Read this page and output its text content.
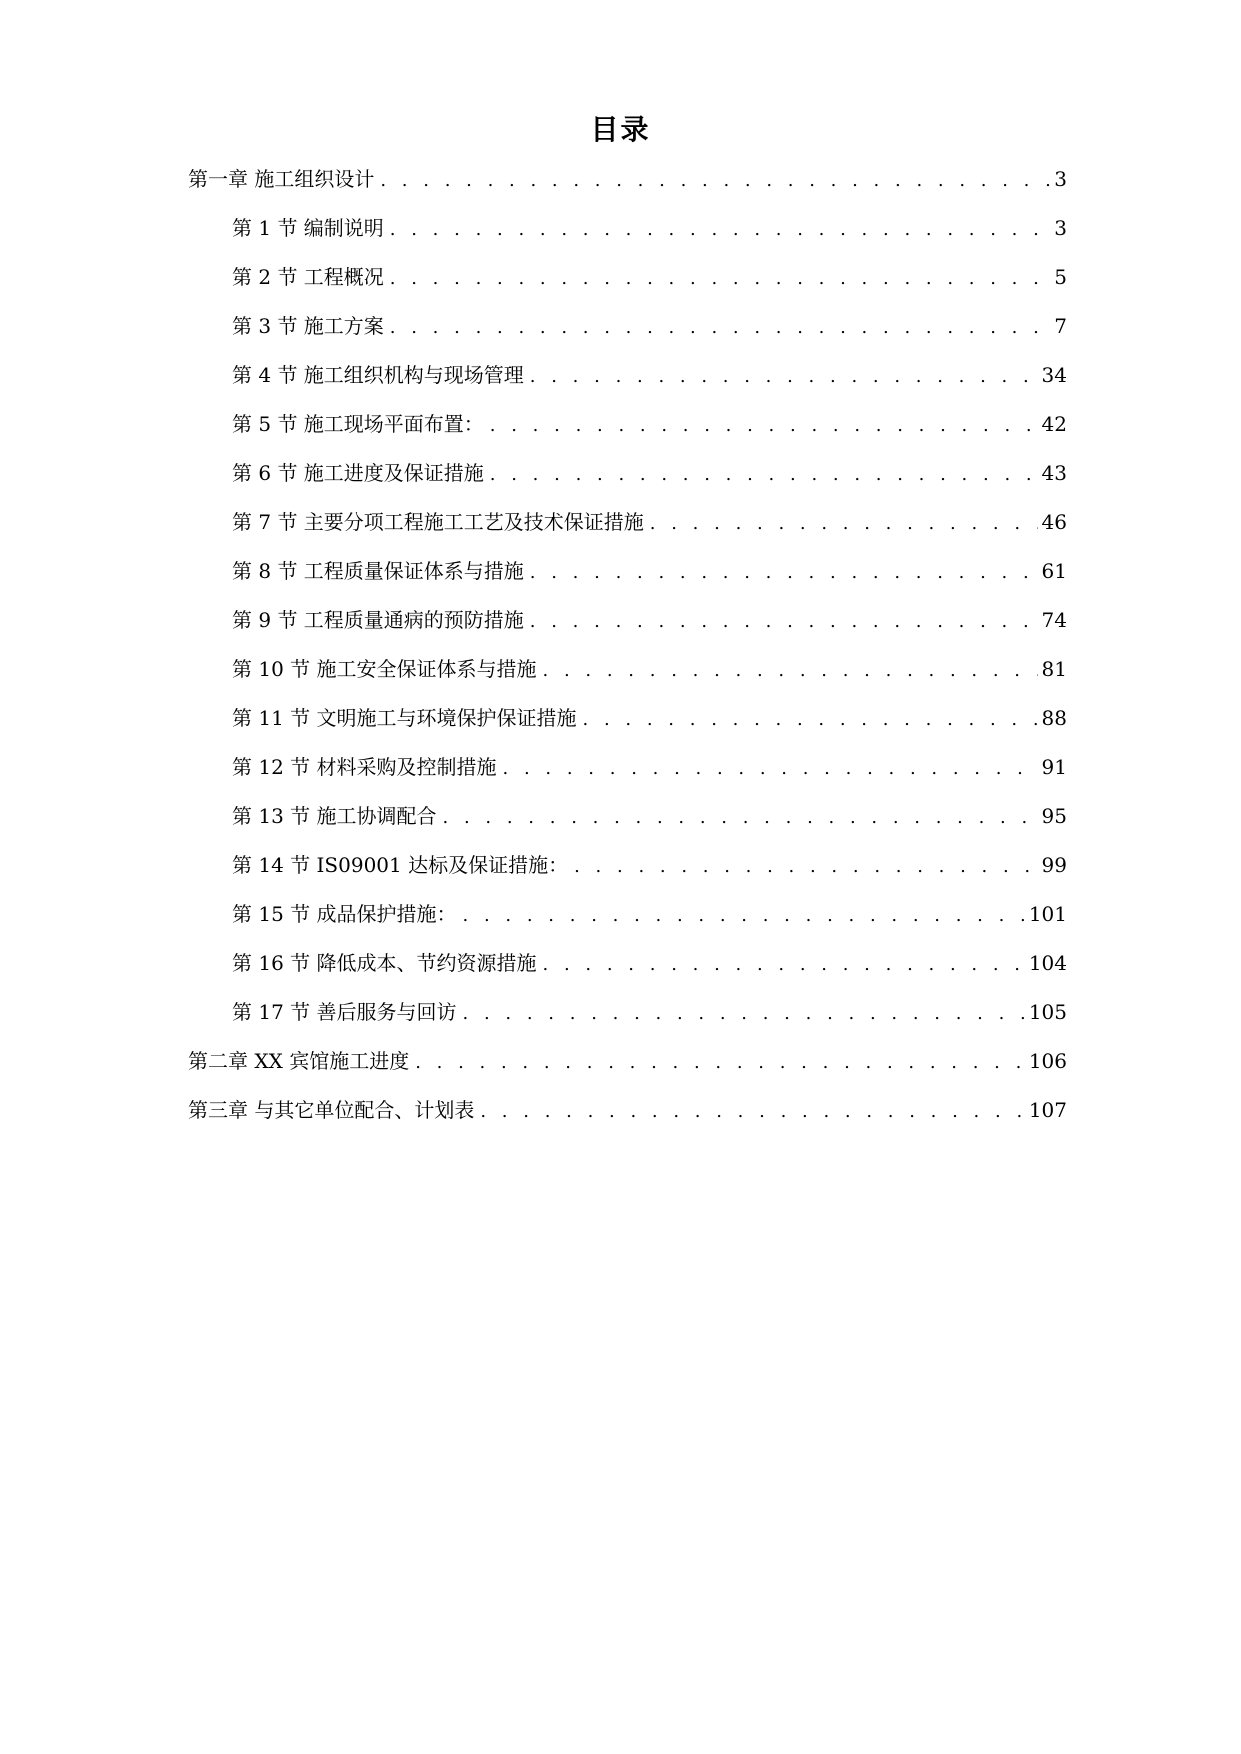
目录
第一章 施工组织设计 . . .	3
第 1 节 编制说明 . . .	3
第 2 节 工程概况 . . .	5
第 3 节 施工方案 . . .	7
第 4 节 施工组织机构与现场管理 . . .	34
第 5 节 施工现场平面布置： . . .	42
第 6 节 施工进度及保证措施 . . .	43
第 7 节 主要分项工程施工工艺及技术保证措施 . . .	46
第 8 节 工程质量保证体系与措施 . . .	61
第 9 节 工程质量通病的预防措施 . . .	74
第 10 节 施工安全保证体系与措施 . . .	81
第 11 节 文明施工与环境保护保证措施 . . .	88
第 12 节 材料采购及控制措施 . . .	91
第 13 节 施工协调配合 . . .	95
第 14 节 IS09001 达标及保证措施： . . .	99
第 15 节 成品保护措施： . . .	101
第 16 节 降低成本、节约资源措施 . . .	104
第 17 节 善后服务与回访 . . .	105
第二章 XX 宾馆施工进度 . . .	106
第三章 与其它单位配合、计划表 . . .	107
